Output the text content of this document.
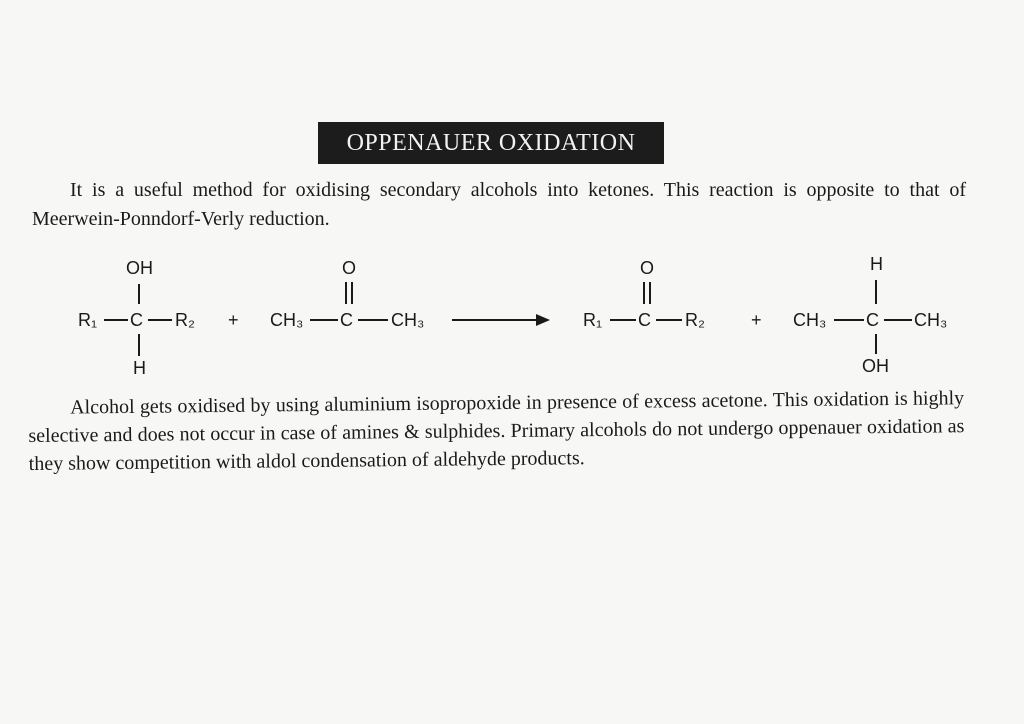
OPPENAUER OXIDATION

It is a useful method for oxidising secondary alcohols into ketones. This reaction is opposite to that of Meerwein-Ponndorf-Verly reduction.

R₁ C R₂
OH
H
+ CH₃ C CH₃
O
R₁ C R₂
O
+ CH₃ C CH₃
H
OH

Alcohol gets oxidised by using aluminium isopropoxide in presence of excess acetone. This oxidation is highly selective and does not occur in case of amines & sulphides. Primary alcohols do not undergo oppenauer oxidation as they show competition with aldol condensation of aldehyde products.
